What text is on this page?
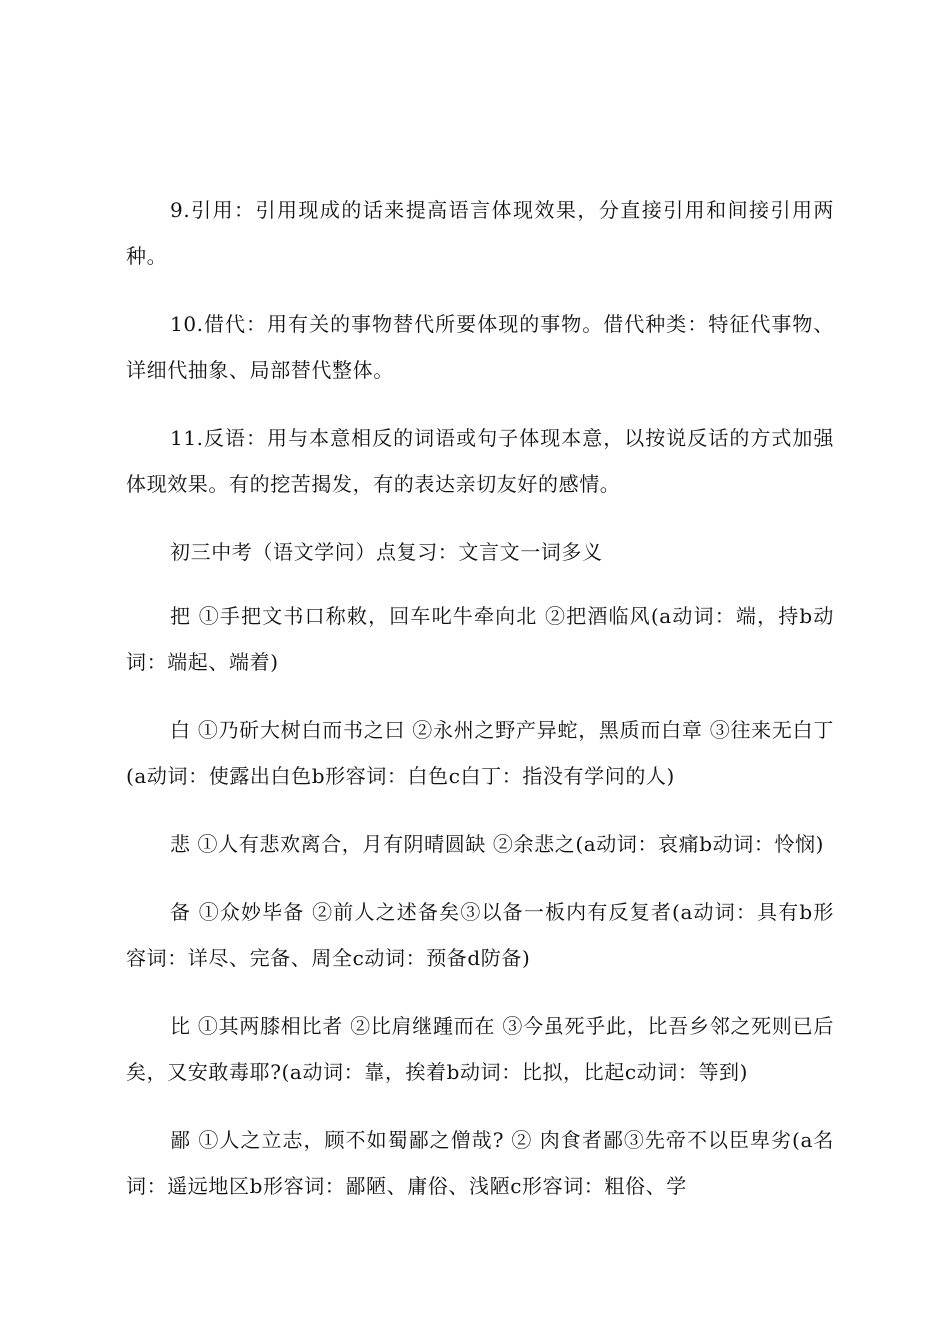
9.引用：引用现成的话来提高语言体现效果，分直接引用和间接引用两种。

10.借代：用有关的事物替代所要体现的事物。借代种类：特征代事物、详细代抽象、局部替代整体。

11.反语：用与本意相反的词语或句子体现本意，以按说反话的方式加强体现效果。有的挖苦揭发，有的表达亲切友好的感情。

初三中考（语文学问）点复习：文言文一词多义

把 ①手把文书口称敕，回车叱牛牵向北 ②把酒临风(a动词：端，持b动词：端起、端着)

白 ①乃斫大树白而书之曰 ②永州之野产异蛇，黑质而白章 ③往来无白丁(a动词：使露出白色b形容词：白色c白丁：指没有学问的人)

悲 ①人有悲欢离合，月有阴晴圆缺 ②余悲之(a动词：哀痛b动词：怜悯)

备 ①众妙毕备 ②前人之述备矣③以备一板内有反复者(a动词：具有b形容词：详尽、完备、周全c动词：预备d防备)

比 ①其两膝相比者 ②比肩继踵而在 ③今虽死乎此，比吾乡邻之死则已后矣，又安敢毒耶?(a动词：靠，挨着b动词：比拟，比起c动词：等到)

鄙 ①人之立志，顾不如蜀鄙之僧哉? ② 肉食者鄙③先帝不以臣卑劣(a名词：遥远地区b形容词：鄙陋、庸俗、浅陋c形容词：粗俗、学
